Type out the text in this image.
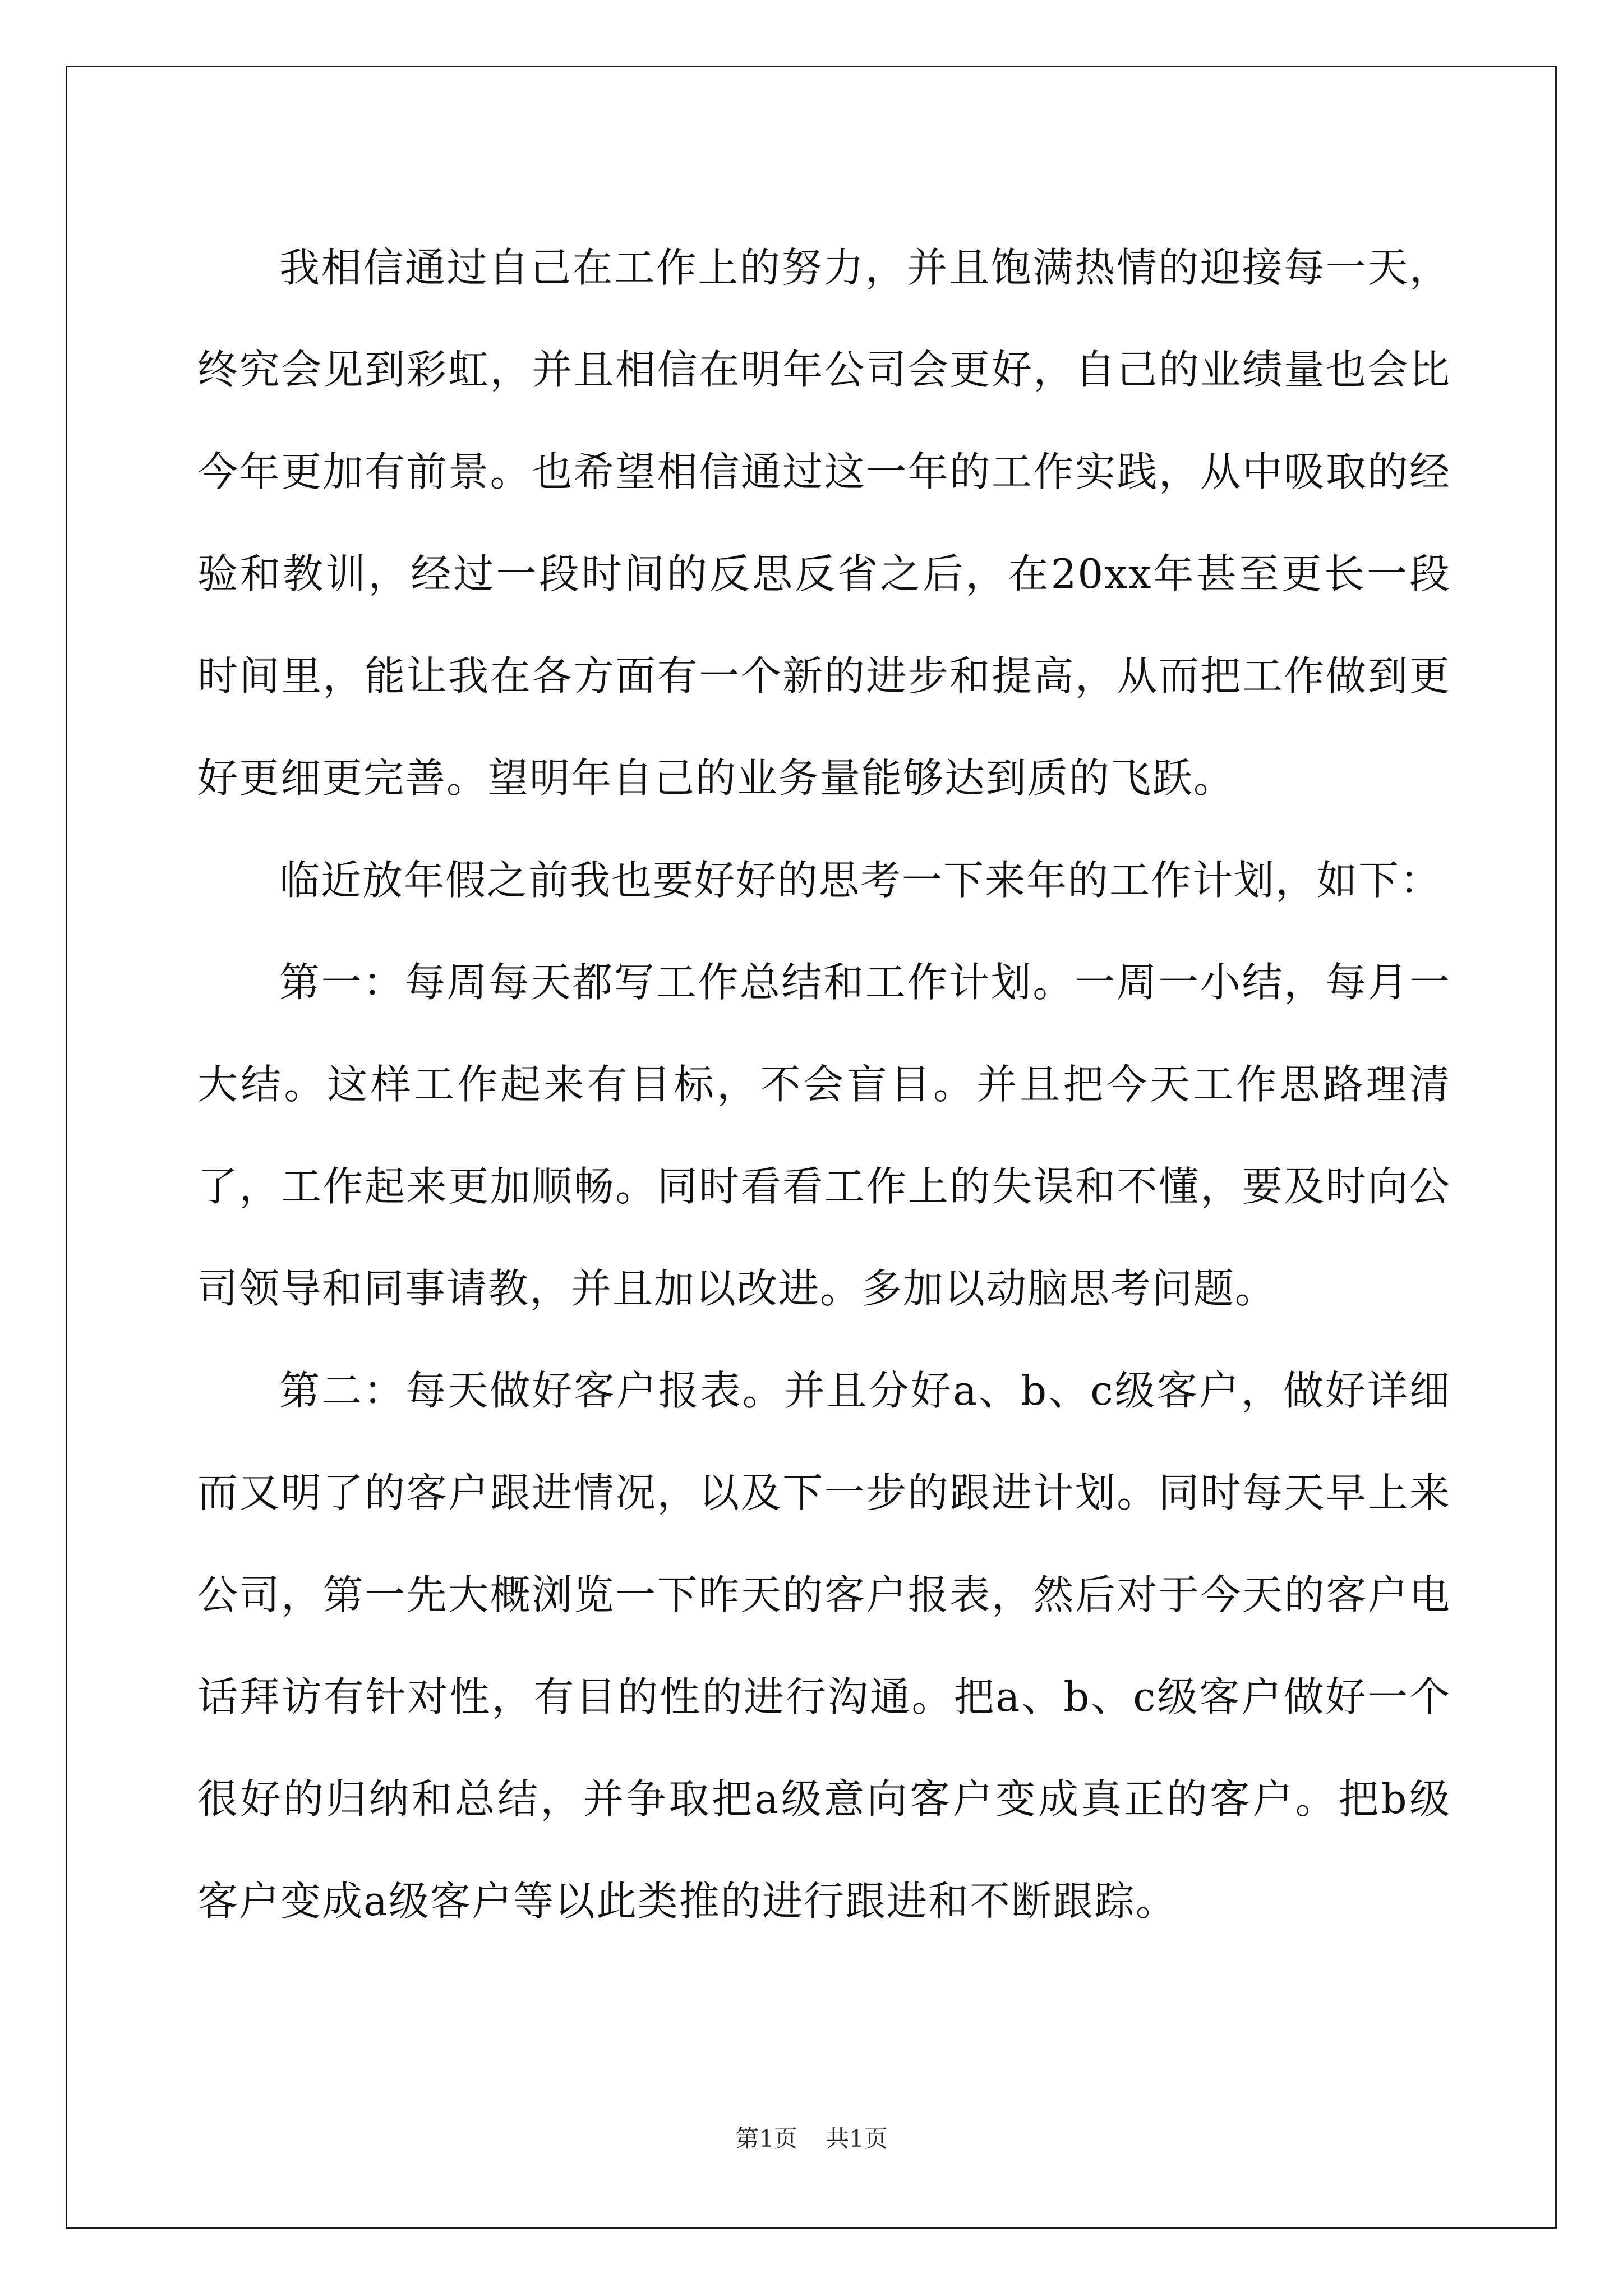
我相信通过自己在工作上的努力，并且饱满热情的迎接每一天，终究会见到彩虹，并且相信在明年公司会更好，自己的业绩量也会比今年更加有前景。也希望相信通过这一年的工作实践，从中吸取的经验和教训，经过一段时间的反思反省之后，在20xx年甚至更长一段时间里，能让我在各方面有一个新的进步和提高，从而把工作做到更好更细更完善。望明年自己的业务量能够达到质的飞跃。

临近放年假之前我也要好好的思考一下来年的工作计划，如下：

第一：每周每天都写工作总结和工作计划。一周一小结，每月一大结。这样工作起来有目标，不会盲目。并且把今天工作思路理清了，工作起来更加顺畅。同时看看工作上的失误和不懂，要及时向公司领导和同事请教，并且加以改进。多加以动脑思考问题。

第二：每天做好客户报表。并且分好a、b、c级客户，做好详细而又明了的客户跟进情况，以及下一步的跟进计划。同时每天早上来公司，第一先大概浏览一下昨天的客户报表，然后对于今天的客户电话拜访有针对性，有目的性的进行沟通。把a、b、c级客户做好一个很好的归纳和总结，并争取把a级意向客户变成真正的客户。把b级客户变成a级客户等以此类推的进行跟进和不断跟踪。

第1页 共1页
